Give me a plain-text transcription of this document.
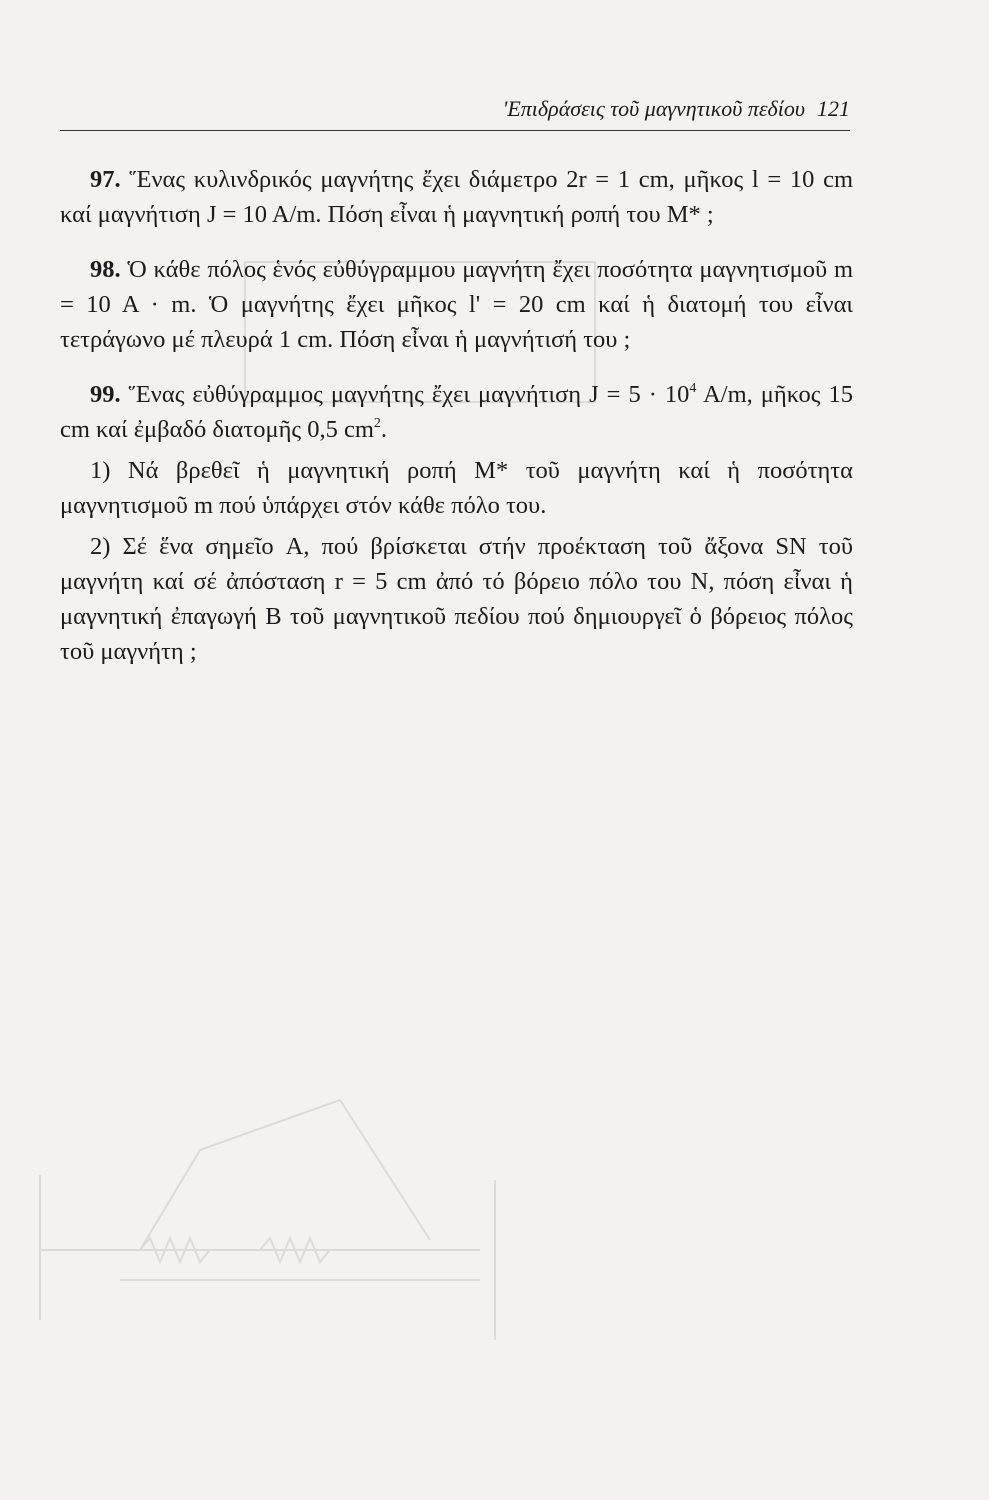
'Επιδράσεις τοῦ μαγνητικοῦ πεδίου 121

97. Ἕνας κυλινδρικός μαγνήτης ἔχει διάμετρο 2r = 1 cm, μῆκος l = 10 cm καί μαγνήτιση J = 10 A/m. Πόση εἶναι ἡ μαγνητική ροπή του M* ;

98. Ὁ κάθε πόλος ἑνός εὐθύγραμμου μαγνήτη ἔχει ποσότητα μαγνητισμοῦ m = 10 A · m. Ὁ μαγνήτης ἔχει μῆκος l' = 20 cm καί ἡ διατομή του εἶναι τετράγωνο μέ πλευρά 1 cm. Πόση εἶναι ἡ μαγνήτισή του ;

99. Ἕνας εὐθύγραμμος μαγνήτης ἔχει μαγνήτιση $J = 5 \cdot 10^4$ A/m, μῆκος 15 cm καί ἐμβαδό διατομῆς 0,5 $cm^2$.

1) Νά βρεθεῖ ἡ μαγνητική ροπή M* τοῦ μαγνήτη καί ἡ ποσότητα μαγνητισμοῦ m πού ὑπάρχει στόν κάθε πόλο του.

2) Σέ ἕνα σημεῖο A, πού βρίσκεται στήν προέκταση τοῦ ἄξονα SN τοῦ μαγνήτη καί σέ ἀπόσταση r = 5 cm ἀπό τό βόρειο πόλο του N, πόση εἶναι ἡ μαγνητική ἐπαγωγή B τοῦ μαγνητικοῦ πεδίου πού δημιουργεῖ ὁ βόρειος πόλος τοῦ μαγνήτη ;
